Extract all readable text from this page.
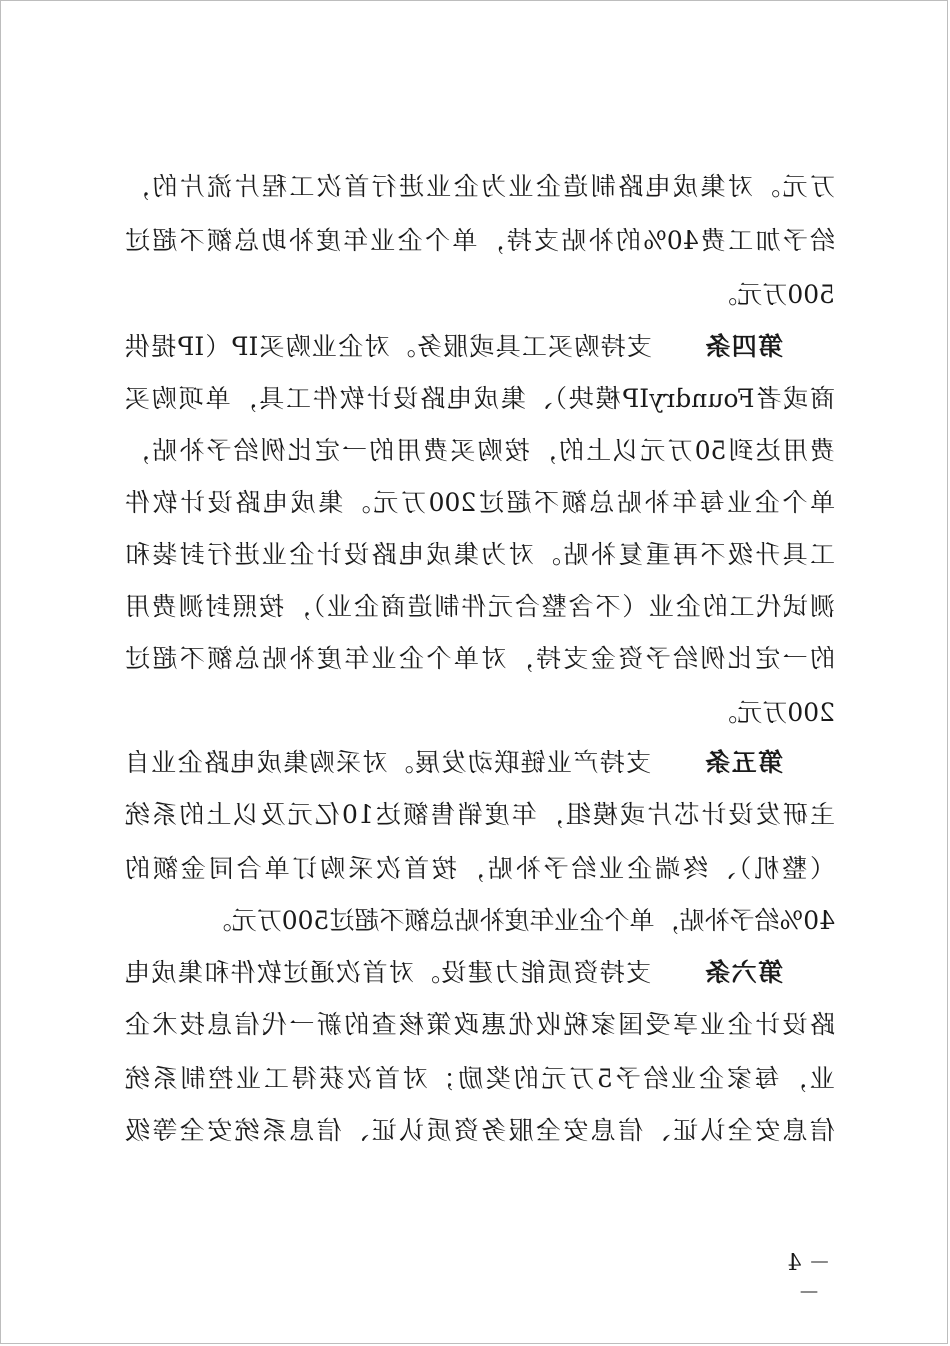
万元。对集成电路制造企业为企业进行首次工程片流片的，
给予加工费40%的补贴支持，单个企业年度补助总额不超过
500万元。
第四条　　支持购买工具或服务。对企业购买IP（IP提供
商或者FoundryIP模块）、集成电路设计软件工具，单项购买
费用达到50万元以上的，按购买费用的一定比例给予补贴，
单个企业每年补贴总额不超过200万元。集成电路设计软件
工具升级不再重复补贴。对为集成电路设计企业进行封装和
测试代工的企业（不含整合元件制造商企业），按照封测费用
的一定比例给予资金支持，对单个企业年度补贴总额不超过
200万元。
第五条　　支持产业链联动发展。对采购集成电路企业自
主研发设计芯片或模组，年度销售额达10亿元及以上的系统
（整机）、终端企业给予补贴，按首次采购订单合同金额的
40%给予补贴，单个企业年度补贴总额不超过500万元。
第六条　　支持资质能力建设。对首次通过软件和集成电
路设计企业享受国家税收优惠政策核查的新一代信息技术企
业，每家企业给予5万元的奖励；对首次获得工业控制系统
信息安全认证、信息安全服务资质认证、信息系统安全等级
－ 4 －
